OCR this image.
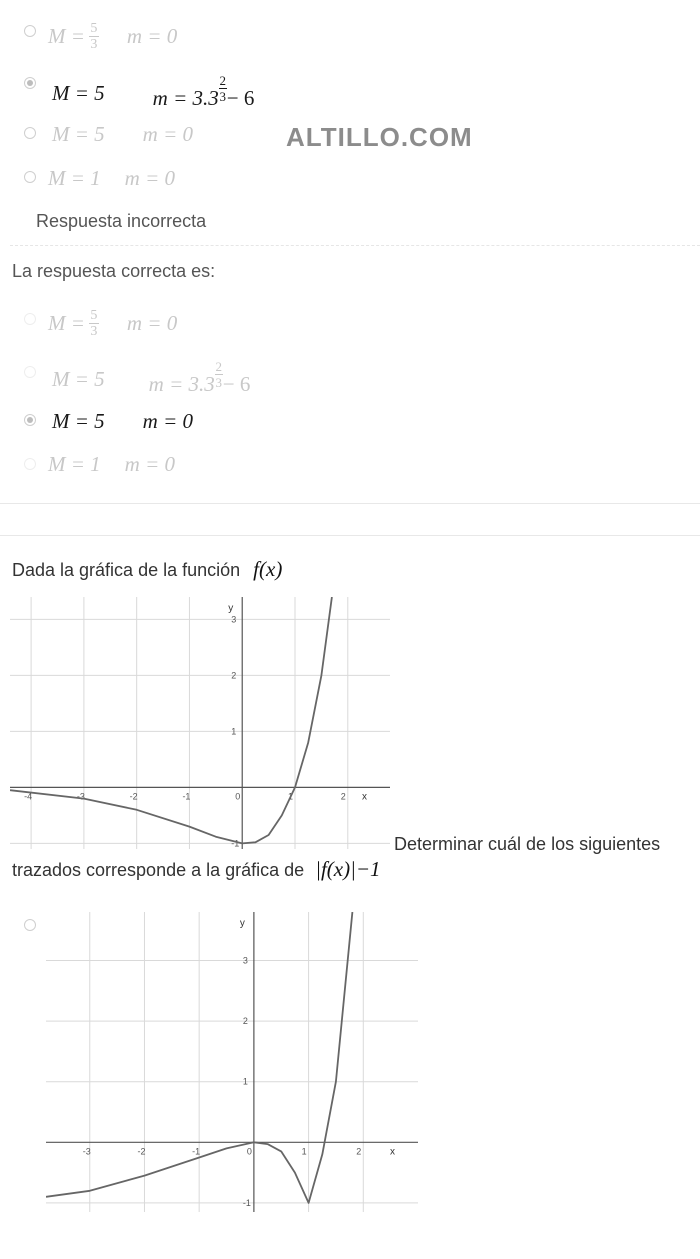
ALTILLO.COM
$M = \frac{5}{3}$ m = 0
M = 5 $m = 3.3 \frac{2}{3} - 6$
M = 5 m = 0
M = 1 m = 0
Respuesta incorrecta
La respuesta correcta es:
$M = \frac{5}{3}$ m = 0
M = 5 $m = 3.3 \frac{2}{3} - 6$
M = 5 m = 0
M = 1 m = 0
Dada la gráfica de la función f(x)
-4	-3	-2	-1	0	1	2
-1
1
2
3
x
y
Determinar cuál de los siguientes
trazados corresponde a la gráfica de |f(x)|−1
-3	-2	-1	0	1	2
-1
1
2
3
x
y
